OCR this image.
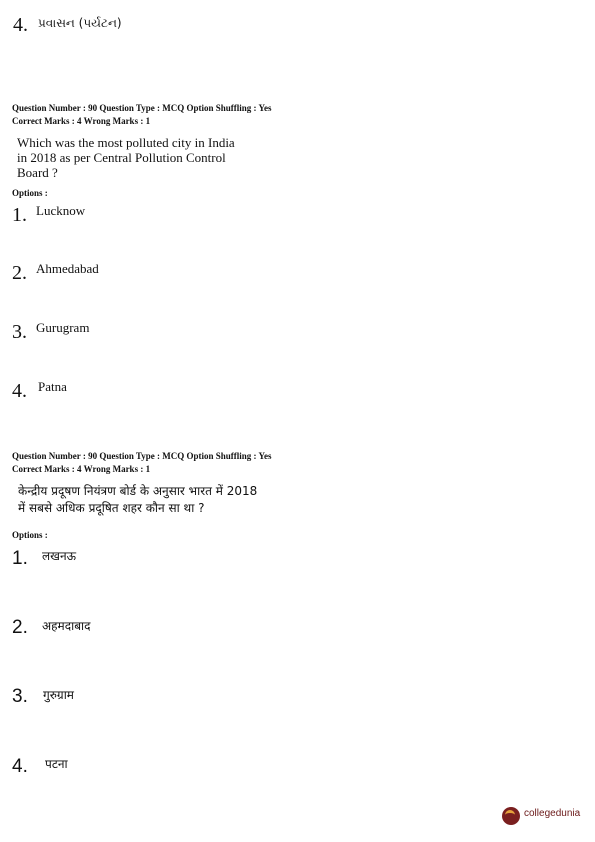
4. પ્રવાસન (પર્યટન)
Question Number : 90 Question Type : MCQ Option Shuffling : Yes
Correct Marks : 4 Wrong Marks : 1
Which was the most polluted city in India
in 2018 as per Central Pollution Control
Board ?
Options :
1. Lucknow
2. Ahmedabad
3. Gurugram
4. Patna
Question Number : 90 Question Type : MCQ Option Shuffling : Yes
Correct Marks : 4 Wrong Marks : 1
केन्द्रीय प्रदूषण नियंत्रण बोर्ड के अनुसार भारत में 2018
में सबसे अधिक प्रदूषित शहर कौन सा था ?
Options :
1. लखनऊ
2. अहमदाबाद
3. गुरुग्राम
4. पटना
collegedunia
